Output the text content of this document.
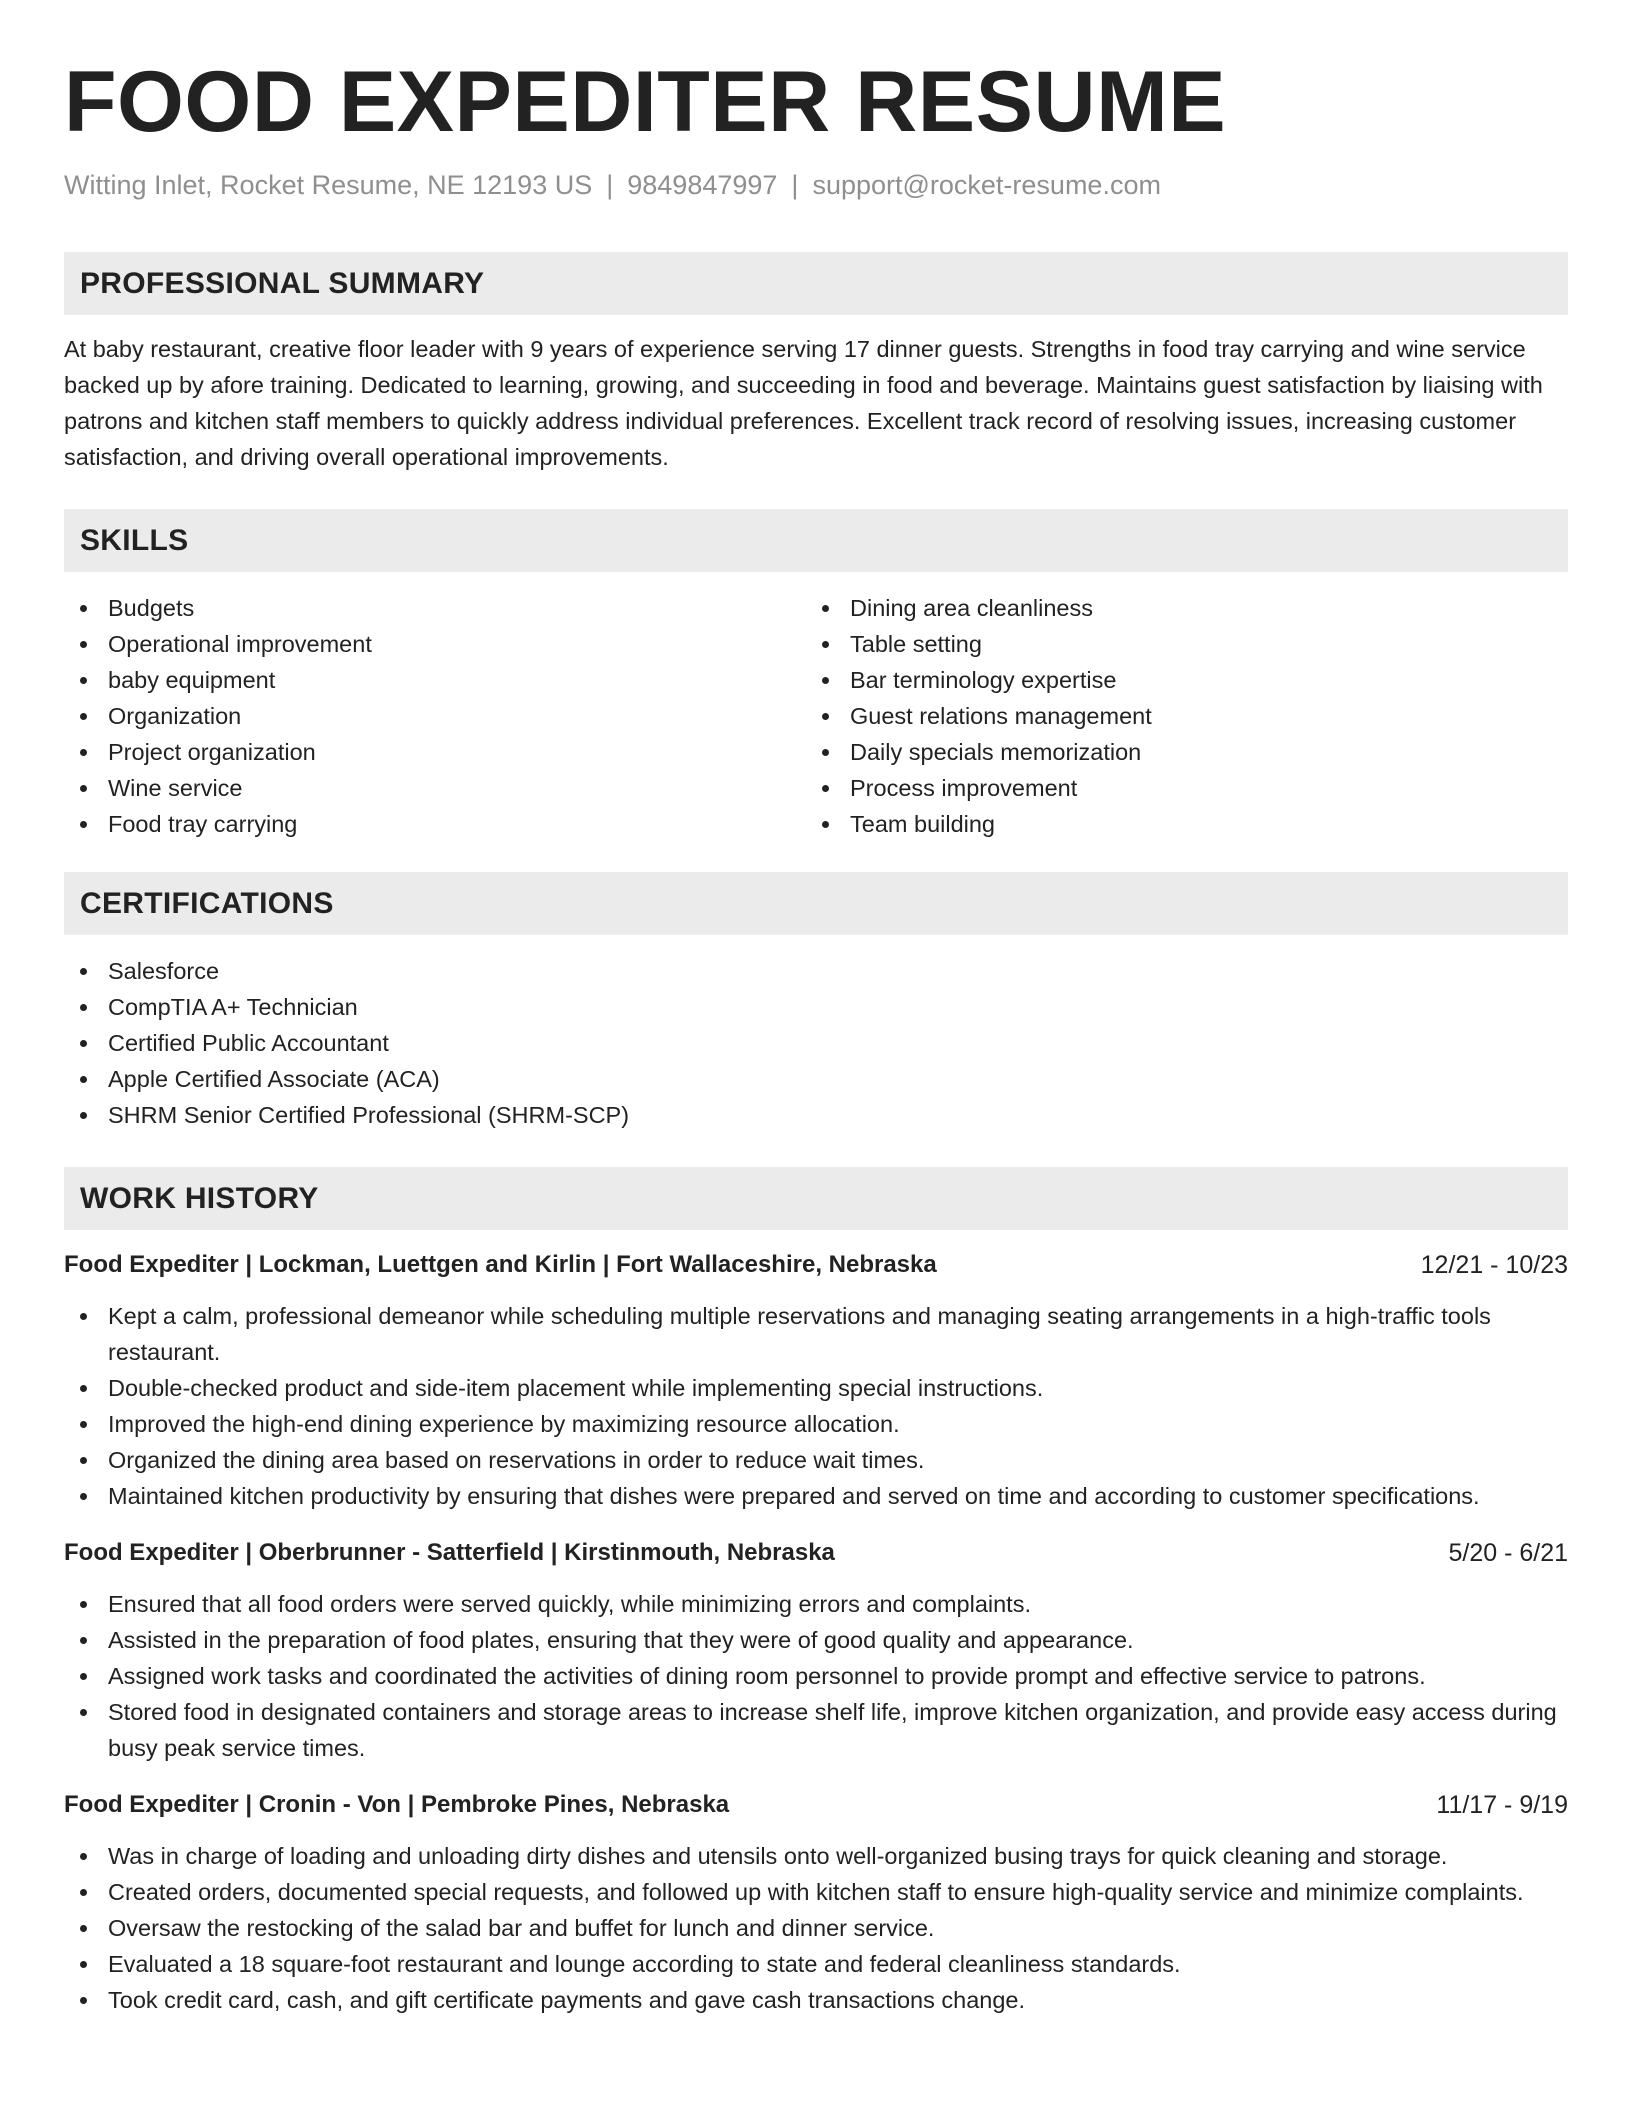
FOOD EXPEDITER RESUME
Witting Inlet, Rocket Resume, NE 12193 US | 9849847997 | support@rocket-resume.com
PROFESSIONAL SUMMARY

At baby restaurant, creative floor leader with 9 years of experience serving 17 dinner guests. Strengths in food tray carrying and wine service backed up by afore training. Dedicated to learning, growing, and succeeding in food and beverage. Maintains guest satisfaction by liaising with patrons and kitchen staff members to quickly address individual preferences. Excellent track record of resolving issues, increasing customer satisfaction, and driving overall operational improvements.

SKILLS
Budgets
Operational improvement
baby equipment
Organization
Project organization
Wine service
Food tray carrying
Dining area cleanliness
Table setting
Bar terminology expertise
Guest relations management
Daily specials memorization
Process improvement
Team building
CERTIFICATIONS
Salesforce
CompTIA A+ Technician
Certified Public Accountant
Apple Certified Associate (ACA)
SHRM Senior Certified Professional (SHRM-SCP)
WORK HISTORY
Food Expediter | Lockman, Luettgen and Kirlin | Fort Wallaceshire, Nebraska	12/21 - 10/23
Kept a calm, professional demeanor while scheduling multiple reservations and managing seating arrangements in a high-traffic tools restaurant.
Double-checked product and side-item placement while implementing special instructions.
Improved the high-end dining experience by maximizing resource allocation.
Organized the dining area based on reservations in order to reduce wait times.
Maintained kitchen productivity by ensuring that dishes were prepared and served on time and according to customer specifications.
Food Expediter | Oberbrunner - Satterfield | Kirstinmouth, Nebraska	5/20 - 6/21
Ensured that all food orders were served quickly, while minimizing errors and complaints.
Assisted in the preparation of food plates, ensuring that they were of good quality and appearance.
Assigned work tasks and coordinated the activities of dining room personnel to provide prompt and effective service to patrons.
Stored food in designated containers and storage areas to increase shelf life, improve kitchen organization, and provide easy access during busy peak service times.
Food Expediter | Cronin - Von | Pembroke Pines, Nebraska	11/17 - 9/19
Was in charge of loading and unloading dirty dishes and utensils onto well-organized busing trays for quick cleaning and storage.
Created orders, documented special requests, and followed up with kitchen staff to ensure high-quality service and minimize complaints.
Oversaw the restocking of the salad bar and buffet for lunch and dinner service.
Evaluated a 18 square-foot restaurant and lounge according to state and federal cleanliness standards.
Took credit card, cash, and gift certificate payments and gave cash transactions change.
